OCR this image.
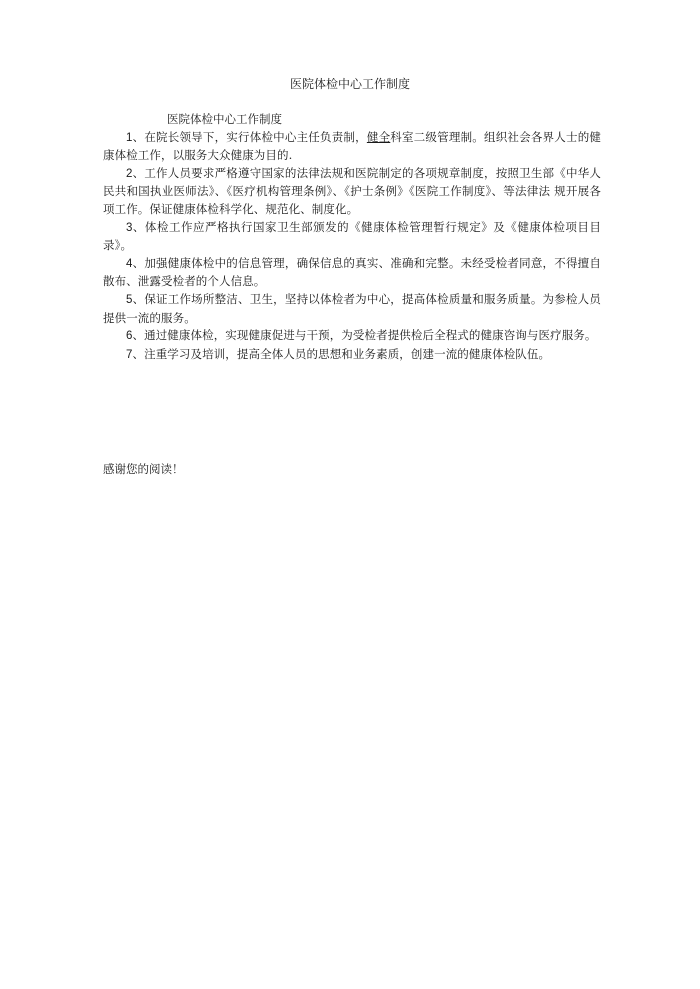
医院体检中心工作制度

医院体检中心工作制度

1、在院长领导下，实行体检中心主任负责制，健全科室二级管理制。组织社会各界人士的健康体检工作，以服务大众健康为目的.

2、工作人员要求严格遵守国家的法律法规和医院制定的各项规章制度，按照卫生部《中华人民共和国执业医师法》、《医疗机构管理条例》、《护士条例》《医院工作制度》、等法律法 规开展各项工作。保证健康体检科学化、规范化、制度化。

3、体检工作应严格执行国家卫生部颁发的《健康体检管理暂行规定》及《健康体检项目目录》。

4、加强健康体检中的信息管理，确保信息的真实、准确和完整。未经受检者同意，不得擅自散布、泄露受检者的个人信息。

5、保证工作场所整洁、卫生，坚持以体检者为中心，提高体检质量和服务质量。为参检人员提供一流的服务。

6、通过健康体检，实现健康促进与干预，为受检者提供检后全程式的健康咨询与医疗服务。

7、注重学习及培训，提高全体人员的思想和业务素质，创建一流的健康体检队伍。

感谢您的阅读！
